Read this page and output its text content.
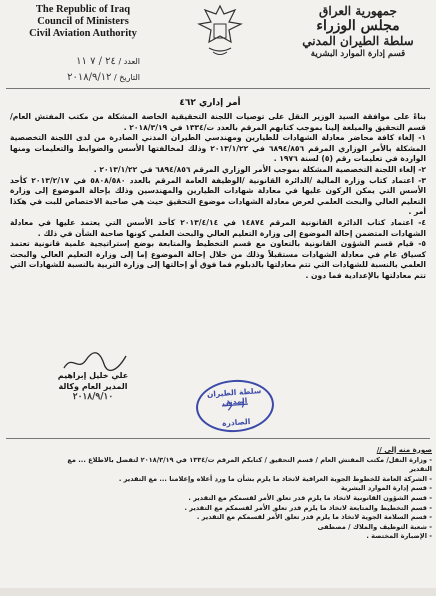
The Republic of Iraq
Council of Ministers
Civil Aviation Authority
جمهورية العراق
مجلس الوزراء
سلطة الطيران المدني
قسم إدارة الموارد البشرية
العدد / ٢٤ / ٧ ١١
التاريخ / ٢٠١٨/٩/١٢
أمر إداري ٤٦٢

بناءً على موافقة السيد الوزير النقل على توصيات اللجنة التحقيقية الخاصة المشكلة من مكتب المفتش العام/ قسم التحقيق والمبلغة إلينا بموجب كتابهم المرقم بالعدد ت/١٣٣٤ في ٢٠١٨/٣/١٩ .

١- إلغاء كافة محاضر معادلة الشهادات للطيارين ومهندسي الطيران المدني الصادرة من لدى اللجنة التخصصية المشكلة بالأمر الوزاري المرقم ٦٨٩٤/٨٥٦ في ٢٠١٣/١/٢٢ وذلك لمخالفتها الأسس والضوابط والتعليمات ومنها الواردة في تعليمات رقم (٥) لسنة ١٩٧٦ .

٢- إلغاء اللجنة التخصصية المشكلة بموجب الأمر الوزاري المرقم ٦٨٩٤/٨٥٦ في ٢٠١٣/١/٢٢ .

٣- اعتماد كتاب وزارة المالية /الدائرة القانونية /الوظيفة العامة المرقم بالعدد ٥٨٠٨/٥٨٠ في ٢٠١٣/٢/١٧ كأحد الأسس التي يمكن الركون عليها في معادلة شهادات الطيارين والمهندسين وذلك بإحالة الموضوع إلى وزارة التعليم العالي والبحث العلمي لعرض معادلة الشهادات موضوع التحقيق حيث هي صاحبة الاختصاص للبت في هكذا أمر .

٤- اعتماد كتاب الدائرة القانونية المرقم ١٤٨٧٤ في ٢٠١٣/٤/١٤ كأحد الأسس التي يعتمد عليها في معادلة الشهادات المتضمن إحالة الموضوع إلى وزارة التعليم العالي والبحث العلمي كونها صاحبة الشأن في ذلك .

٥- قيام قسم الشؤون القانونية بالتعاون مع قسم التخطيط والمتابعة بوضع إستراتيجية علمية قانونية تعتمد كسياق عام في معادلة الشهادات مستقبلاً وذلك من خلال إحالة الموضوع إما إلى وزارة التعليم العالي والبحث العلمي بالنسبة للشهادات التي تتم معادلتها بالدبلوم فما فوق أو إحالتها إلى وزارة التربية بالنسبة للشهادات التي تتم معادلتها بالإعدادية فما دون .

علي خليل إبراهيم
المدير العام وكالة
٢٠١٨/٩/١٠	سلطة الطيران المدني
الصادرة
صورة منه إلى //
- وزارة النقل/ مكتب المفتش العام / قسم التحقيق / كتابكم المرقم ت/١٣٣٤ في ٢٠١٨/٣/١٩ لتفضل بالاطلاع ... مع التقدير
- الشركة العامة للخطوط الجوية العراقية لاتخاذ ما يلزم بشأن ما ورد أعلاه وإعلامنا ... مع التقدير .
- قسم إدارة الموارد البشرية
- قسم الشؤون القانونية لاتخاذ ما يلزم قدر تعلق الأمر لقسمكم مع التقدير .
- قسم التخطيط والمتابعة لاتخاذ ما يلزم قدر تعلق الأمر لقسمكم مع التقدير .
- قسم السلامة الجوية لاتخاذ ما يلزم قدر تعلق الأمر لقسمكم مع التقدير .
- شعبة التوظيف والملاك / مصطفى
- الإضبارة المختصة .
